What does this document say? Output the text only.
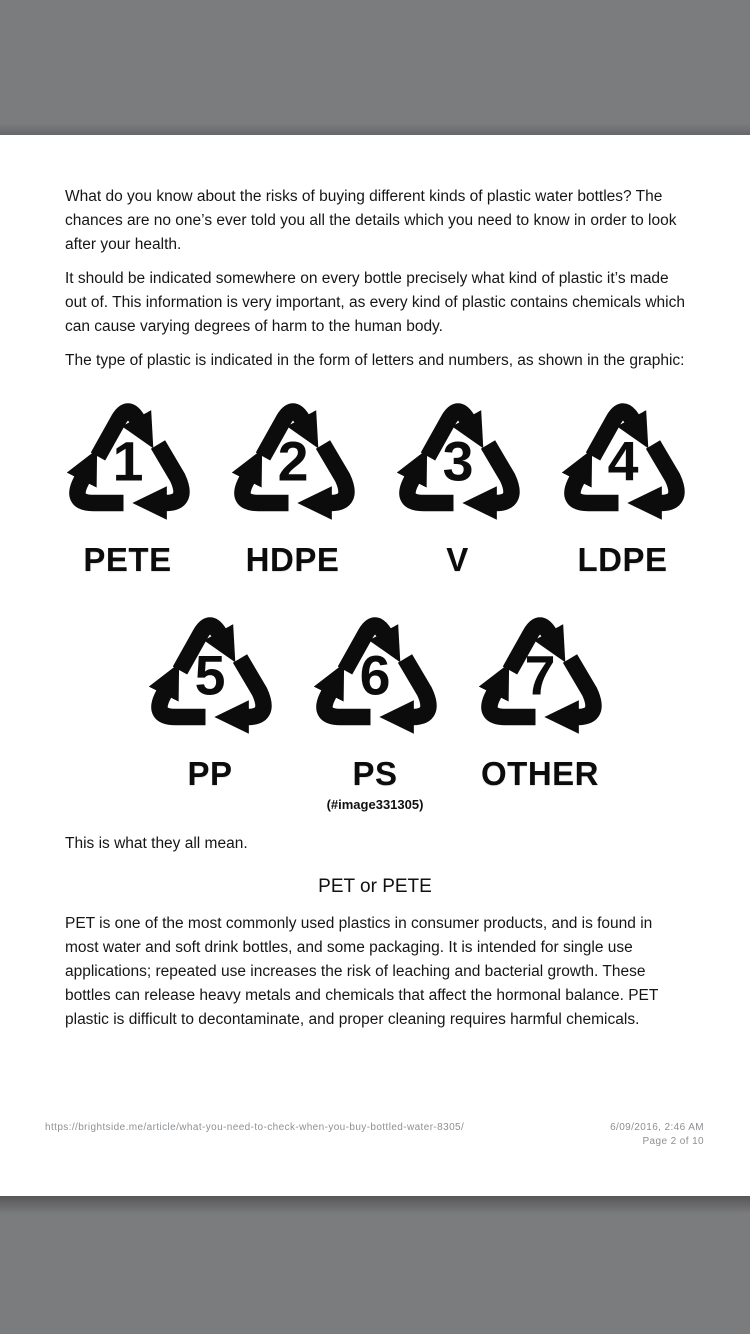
What do you know about the risks of buying different kinds of plastic water bottles? The chances are no one’s ever told you all the details which you need to know in order to look after your health.

It should be indicated somewhere on every bottle precisely what kind of plastic it’s made out of. This information is very important, as every kind of plastic contains chemicals which can cause varying degrees of harm to the human body.

The type of plastic is indicated in the form of letters and numbers, as shown in the graphic:

1
PETE
2
HDPE
3
V
4
LDPE
5
PP
6
PS
7
OTHER
(#image331305)

This is what they all mean.

PET or PETE

PET is one of the most commonly used plastics in consumer products, and is found in most water and soft drink bottles, and some packaging. It is intended for single use applications; repeated use increases the risk of leaching and bacterial growth. These bottles can release heavy metals and chemicals that affect the hormonal balance. PET plastic is difficult to decontaminate, and proper cleaning requires harmful chemicals.

https://brightside.me/article/what-you-need-to-check-when-you-buy-bottled-water-8305/	6/09/2016, 2:46 AM
Page 2 of 10
